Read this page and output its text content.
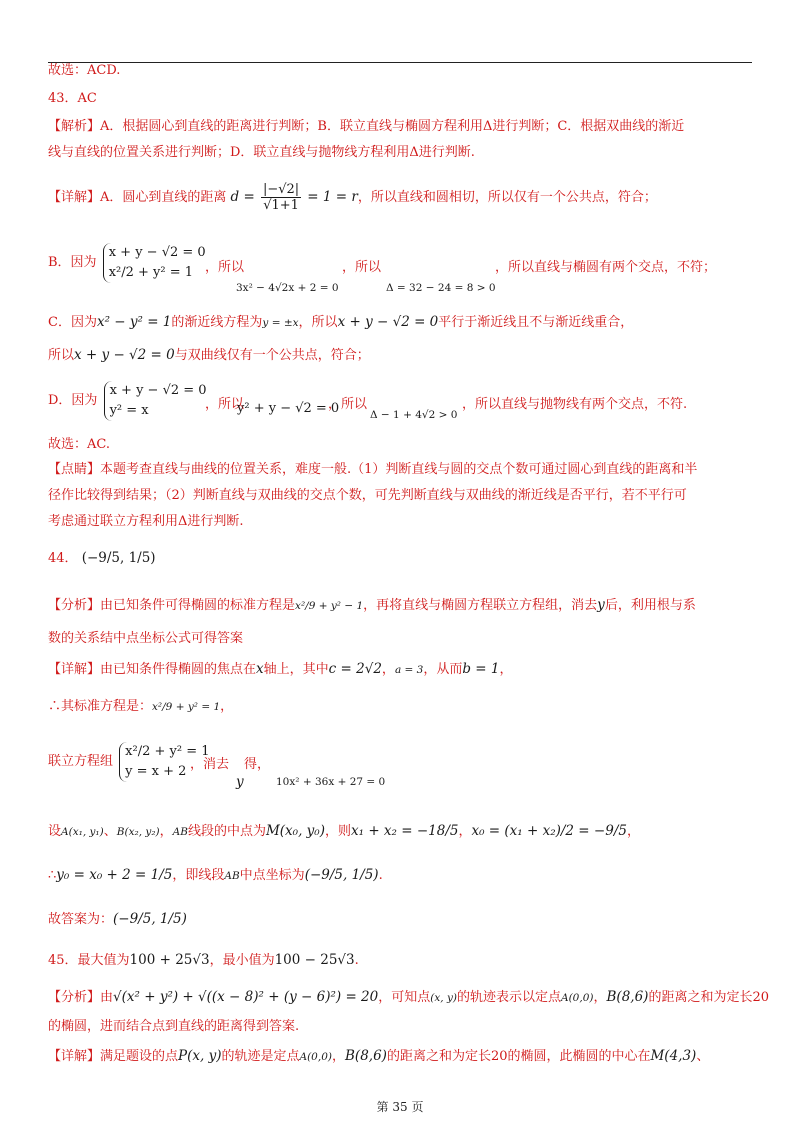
故选：ACD.
43．AC
【解析】A．根据圆心到直线的距离进行判断；B．联立直线与椭圆方程利用Δ进行判断；C．根据双曲线的渐近
线与直线的位置关系进行判断；D．联立直线与抛物线方程利用Δ进行判断.
【详解】A．圆心到直线的距离 $d = \frac{|-√2|}{√1+1} = 1 = r$，所以直线和圆相切，所以仅有一个公共点，符合；
B．因为
x + y − √2 = 0
x²/2 + y² = 1 ，所以	，所以	，所以直线与椭圆有两个交点，不符；
3x² − 4√2x + 2 = 0	Δ = 32 − 24 = 8 > 0
C．因为x² − y² = 1的渐近线方程为y = ±x，所以x + y − √2 = 0平行于渐近线且不与渐近线重合，
所以x + y − √2 = 0与双曲线仅有一个公共点，符合；
D．因为
x + y − √2 = 0
y² = x	，所以
y² + y − √2 = 0
，所以
Δ − 1 + 4√2 > 0
，所以直线与抛物线有两个交点，不符.
故选：AC.
【点睛】本题考查直线与曲线的位置关系，难度一般.（1）判断直线与圆的交点个数可通过圆心到直线的距离和半
径作比较得到结果；（2）判断直线与双曲线的交点个数，可先判断直线与双曲线的渐近线是否平行，若不平行可
考虑通过联立方程利用Δ进行判断.
44． (−9/5, 1/5)
【分析】由已知条件可得椭圆的标准方程是x²/9 + y² − 1，再将直线与椭圆方程联立方程组，消去y后，利用根与系
数的关系结中点坐标公式可得答案
【详解】由已知条件得椭圆的焦点在x轴上，其中c = 2√2，a = 3，从而b = 1，
∴其标准方程是：x²/9 + y² = 1，
联立方程组
x²/2 + y² = 1
y = x + 2 ，消去
y
得，
10x² + 36x + 27 = 0
设A(x₁, y₁)、B(x₂, y₂)，AB线段的中点为M(x₀, y₀)，则x₁ + x₂ = −18/5，x₀ = (x₁ + x₂)/2 = −9/5，
∴y₀ = x₀ + 2 = 1/5，即线段AB中点坐标为(−9/5, 1/5).
故答案为：(−9/5, 1/5)
45．最大值为100 + 25√3，最小值为100 − 25√3.
【分析】由√(x² + y²) + √((x − 8)² + (y − 6)²) = 20，可知点(x, y)的轨迹表示以定点A(0,0)，B(8,6)的距离之和为定长20
的椭圆，进而结合点到直线的距离得到答案.
【详解】满足题设的点P(x, y)的轨迹是定点A(0,0)，B(8,6)的距离之和为定长20的椭圆，此椭圆的中心在M(4,3)、
第 35 页
